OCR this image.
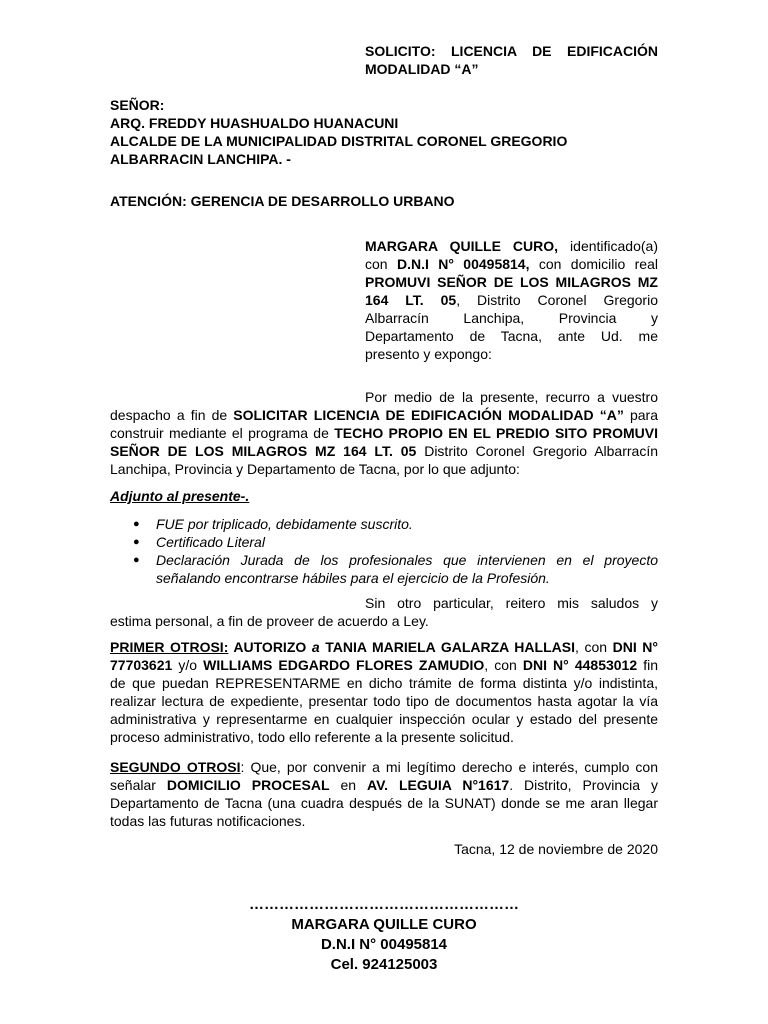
SOLICITO: LICENCIA DE EDIFICACIÓN
MODALIDAD “A”
SEÑOR:
ARQ. FREDDY HUASHUALDO HUANACUNI
ALCALDE DE LA MUNICIPALIDAD DISTRITAL CORONEL GREGORIO
ALBARRACIN LANCHIPA. -
ATENCIÓN: GERENCIA DE DESARROLLO URBANO
MARGARA QUILLE CURO, identificado(a)
con D.N.I N° 00495814, con domicilio real
PROMUVI SEÑOR DE LOS MILAGROS MZ
164 LT. 05, Distrito Coronel Gregorio
Albarracín Lanchipa, Provincia y
Departamento de Tacna, ante Ud. me
presento y expongo:
Por medio de la presente, recurro a vuestro
despacho a fin de SOLICITAR LICENCIA DE EDIFICACIÓN MODALIDAD “A” para
construir mediante el programa de TECHO PROPIO EN EL PREDIO SITO PROMUVI
SEÑOR DE LOS MILAGROS MZ 164 LT. 05 Distrito Coronel Gregorio Albarracín
Lanchipa, Provincia y Departamento de Tacna, por lo que adjunto:
Adjunto al presente-.
● FUE por triplicado, debidamente suscrito.
● Certificado Literal
● Declaración Jurada de los profesionales que intervienen en el proyecto
señalando encontrarse hábiles para el ejercicio de la Profesión.
Sin otro particular, reitero mis saludos y
estima personal, a fin de proveer de acuerdo a Ley.
PRIMER OTROSI: AUTORIZO a TANIA MARIELA GALARZA HALLASI, con DNI N°
77703621 y/o WILLIAMS EDGARDO FLORES ZAMUDIO, con DNI N° 44853012 fin
de que puedan REPRESENTARME en dicho trámite de forma distinta y/o indistinta,
realizar lectura de expediente, presentar todo tipo de documentos hasta agotar la vía
administrativa y representarme en cualquier inspección ocular y estado del presente
proceso administrativo, todo ello referente a la presente solicitud.
SEGUNDO OTROSI: Que, por convenir a mi legítimo derecho e interés, cumplo con
señalar DOMICILIO PROCESAL en AV. LEGUIA N°1617. Distrito, Provincia y
Departamento de Tacna (una cuadra después de la SUNAT) donde se me aran llegar
todas las futuras notificaciones.
Tacna, 12 de noviembre de 2020
………………………………………………
MARGARA QUILLE CURO
D.N.I N° 00495814
Cel. 924125003
